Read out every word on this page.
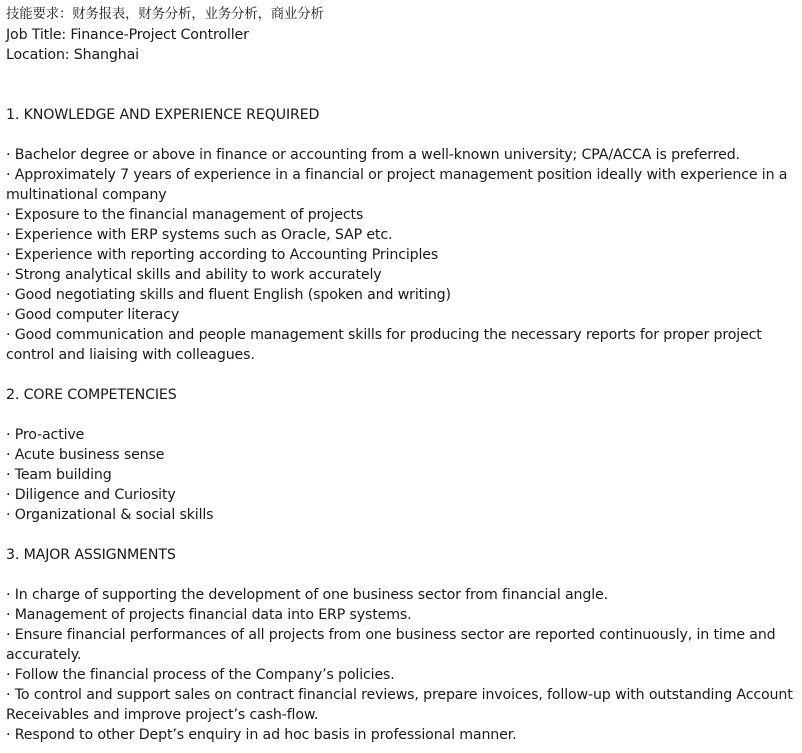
技能要求：财务报表，财务分析，业务分析，商业分析
Job Title: Finance-Project Controller
Location: Shanghai
1. KNOWLEDGE AND EXPERIENCE REQUIRED
· Bachelor degree or above in finance or accounting from a well-known university; CPA/ACCA is preferred.
· Approximately 7 years of experience in a financial or project management position ideally with experience in a multinational company
· Exposure to the financial management of projects
· Experience with ERP systems such as Oracle, SAP etc.
· Experience with reporting according to Accounting Principles
· Strong analytical skills and ability to work accurately
· Good negotiating skills and fluent English (spoken and writing)
· Good computer literacy
· Good communication and people management skills for producing the necessary reports for proper project control and liaising with colleagues.
2. CORE COMPETENCIES
· Pro-active
· Acute business sense
· Team building
· Diligence and Curiosity
· Organizational & social skills
3. MAJOR ASSIGNMENTS
· In charge of supporting the development of one business sector from financial angle.
· Management of projects financial data into ERP systems.
· Ensure financial performances of all projects from one business sector are reported continuously, in time and accurately.
· Follow the financial process of the Company’s policies.
· To control and support sales on contract financial reviews, prepare invoices, follow-up with outstanding Account Receivables and improve project’s cash-flow.
· Respond to other Dept’s enquiry in ad hoc basis in professional manner.
